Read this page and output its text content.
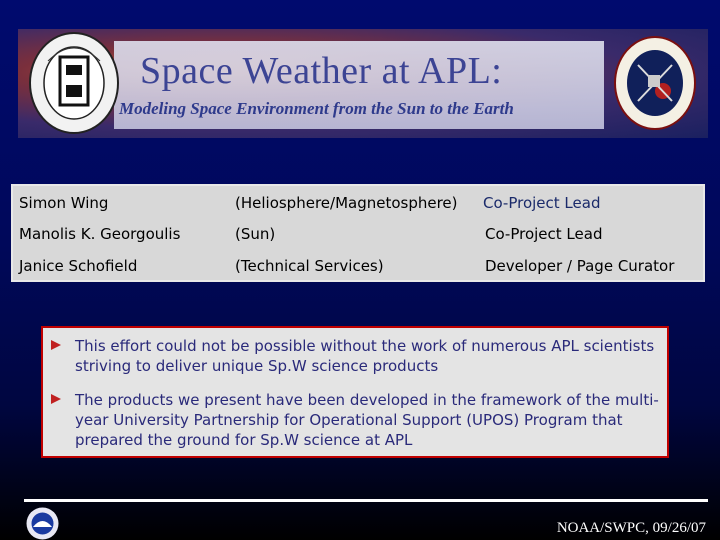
Space Weather at APL:
Modeling Space Environment from the Sun to the Earth
Simon Wing	(Heliosphere/Magnetosphere) Co-Project Lead
Manolis K. Georgoulis	(Sun)	Co-Project Lead
Janice Schofield	(Technical Services)	Developer / Page Curator
This effort could not be possible without the work of numerous APL scientists striving to deliver unique Sp.W science products
The products we present have been developed in the framework of the multi-year University Partnership for Operational Support (UPOS) Program that prepared the ground for Sp.W science at APL
NOAA/SWPC, 09/26/07
